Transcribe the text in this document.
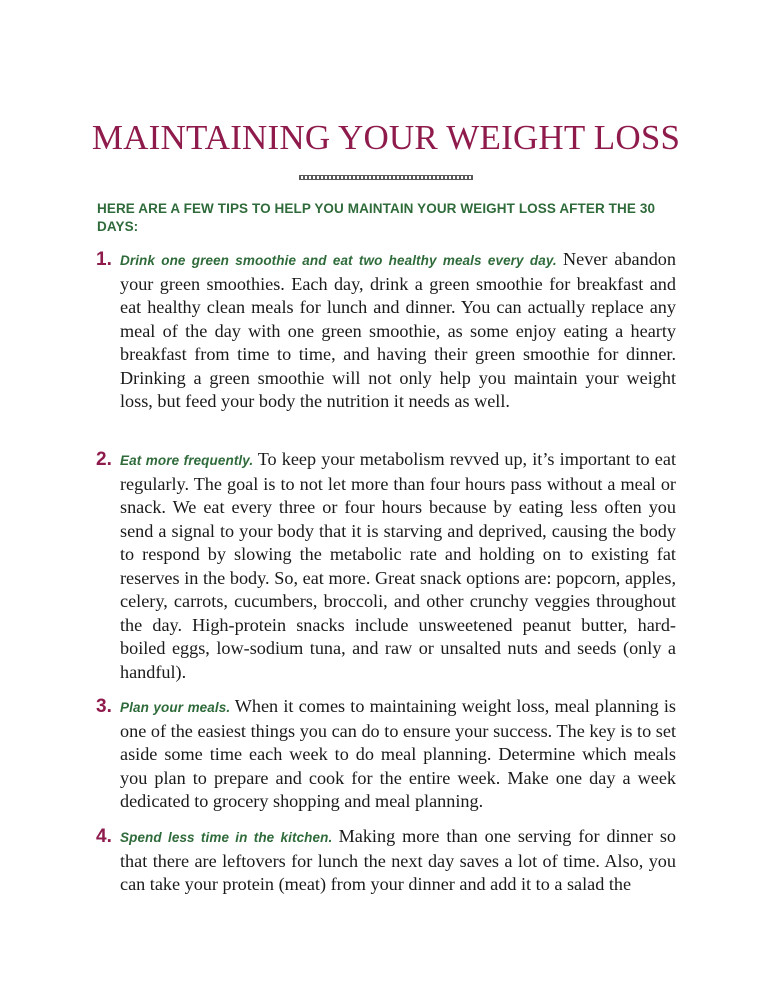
MAINTAINING YOUR WEIGHT LOSS
HERE ARE A FEW TIPS TO HELP YOU MAINTAIN YOUR WEIGHT LOSS AFTER THE 30 DAYS:
1. Drink one green smoothie and eat two healthy meals every day. Never abandon your green smoothies. Each day, drink a green smoothie for breakfast and eat healthy clean meals for lunch and dinner. You can actually replace any meal of the day with one green smoothie, as some enjoy eating a hearty breakfast from time to time, and having their green smoothie for dinner. Drinking a green smoothie will not only help you maintain your weight loss, but feed your body the nutrition it needs as well.
2. Eat more frequently. To keep your metabolism revved up, it’s important to eat regularly. The goal is to not let more than four hours pass without a meal or snack. We eat every three or four hours because by eating less often you send a signal to your body that it is starving and deprived, causing the body to respond by slowing the metabolic rate and holding on to existing fat reserves in the body. So, eat more. Great snack options are: popcorn, apples, celery, carrots, cucumbers, broccoli, and other crunchy veggies throughout the day. High-protein snacks include unsweetened peanut butter, hard-boiled eggs, low-sodium tuna, and raw or unsalted nuts and seeds (only a handful).
3. Plan your meals. When it comes to maintaining weight loss, meal planning is one of the easiest things you can do to ensure your success. The key is to set aside some time each week to do meal planning. Determine which meals you plan to prepare and cook for the entire week. Make one day a week dedicated to grocery shopping and meal planning.
4. Spend less time in the kitchen. Making more than one serving for dinner so that there are leftovers for lunch the next day saves a lot of time. Also, you can take your protein (meat) from your dinner and add it to a salad the
